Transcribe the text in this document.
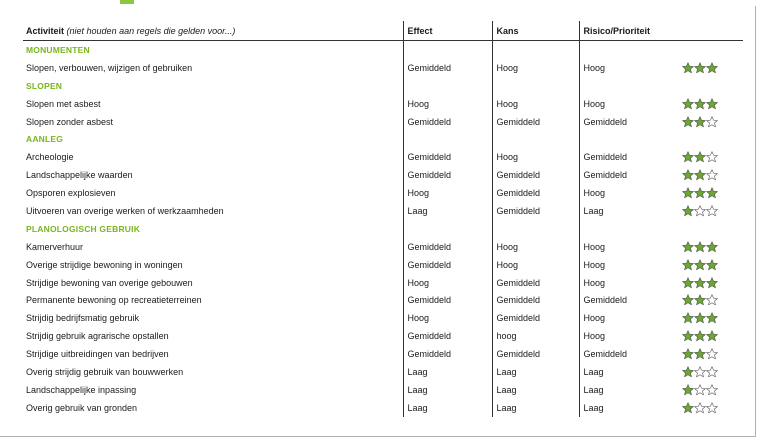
Activiteit (niet houden aan regels die gelden voor...)	Effect	Kans	Risico/Prioriteit	
MONUMENTEN				
Slopen, verbouwen, wijzigen of gebruiken	Gemiddeld	Hoog	Hoog	

SLOPEN				
Slopen met asbest	Hoog	Hoog	Hoog	

Slopen zonder asbest	Gemiddeld	Gemiddeld	Gemiddeld	

AANLEG				
Archeologie	Gemiddeld	Hoog	Gemiddeld	

Landschappelijke waarden	Gemiddeld	Gemiddeld	Gemiddeld	

Opsporen explosieven	Hoog	Gemiddeld	Hoog	

Uitvoeren van overige werken of werkzaamheden	Laag	Gemiddeld	Laag	

PLANOLOGISCH GEBRUIK				
Kamerverhuur	Gemiddeld	Hoog	Hoog	

Overige strijdige bewoning in woningen	Gemiddeld	Hoog	Hoog	

Strijdige bewoning van overige gebouwen	Hoog	Gemiddeld	Hoog	

Permanente bewoning op recreatieterreinen	Gemiddeld	Gemiddeld	Gemiddeld	

Strijdig bedrijfsmatig gebruik	Hoog	Gemiddeld	Hoog	

Strijdig gebruik agrarische opstallen	Gemiddeld	hoog	Hoog	

Strijdige uitbreidingen van bedrijven	Gemiddeld	Gemiddeld	Gemiddeld	

Overig strijdig gebruik van bouwwerken	Laag	Laag	Laag	

Landschappelijke inpassing	Laag	Laag	Laag	

Overig gebruik van gronden	Laag	Laag	Laag	
